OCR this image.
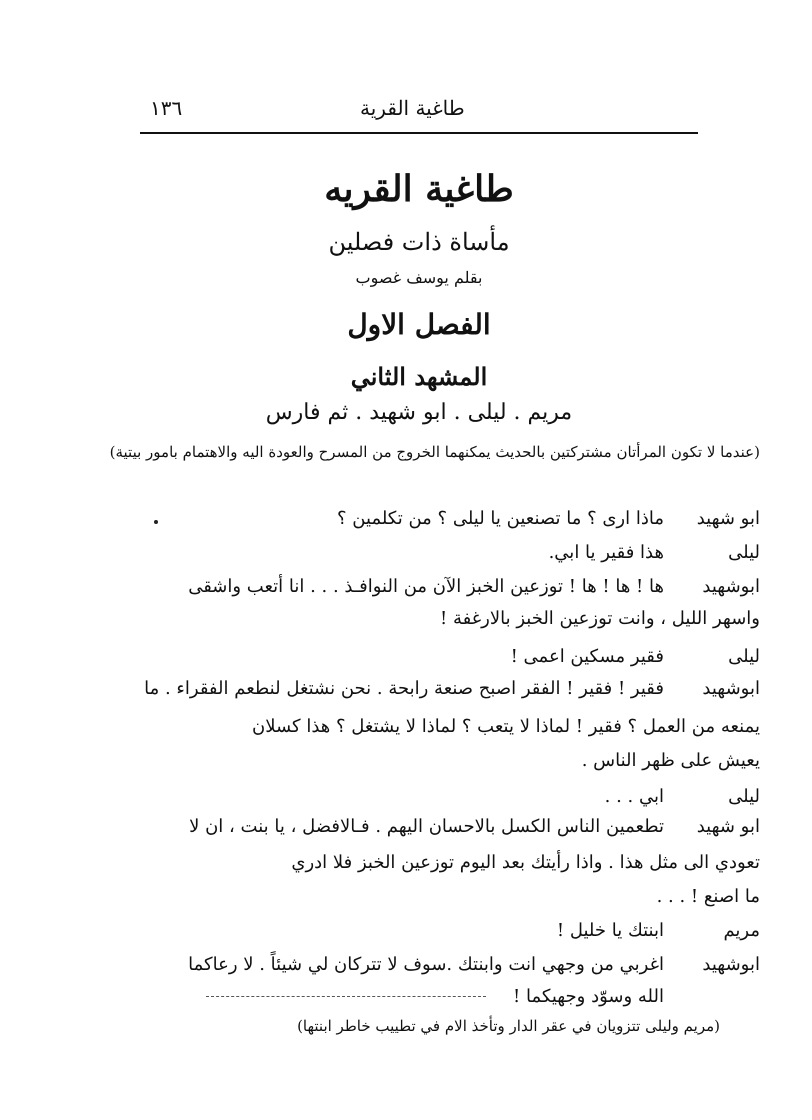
طاغية القرية
١٣٦
طاغية القريه
مأساة ذات فصلين
بقلم يوسف غصوب
الفصل الاول
المشهد الثاني
مريم . ليلى . ابو شهيد . ثم فارس
(عندما لا تكون المرأتان مشتركتين بالحديث يمكنهما الخروج من المسرح والعودة اليه والاهتمام بامور بيتية)
ابو شهيد
ماذا ارى ؟ ما تصنعين يا ليلى ؟ من تكلمين ؟
ليلى
هذا فقير يا ابي.
ابوشهيد
ها ! ها ! ها ! توزعين الخبز الآن من النوافـذ . . . انا أتعب واشقى
واسهر الليل ، وانت توزعين الخبز بالارغفة !
ليلى
فقير مسكين اعمى !
ابوشهيد
فقير ! فقير ! الفقر اصبح صنعة رابحة . نحن نشتغل لنطعم الفقراء . ما
يمنعه من العمل ؟ فقير ! لماذا لا يتعب ؟ لماذا لا يشتغل ؟ هذا كسلان
يعيش على ظهر الناس .
ليلى
ابي . . .
ابو شهيد
تطعمين الناس الكسل بالاحسان اليهم . فـالافضل ، يا بنت ، ان لا
تعودي الى مثل هذا . واذا رأيتك بعد اليوم توزعين الخبز فلا ادري
ما اصنع ! . . .
مريم
ابنتك يا خليل !
ابوشهيد
اغربي من وجهي انت وابنتك .سوف لا تتركان لي شيئاً . لا رعاكما
الله وسوّد وجهيكما !
(مريم وليلى تتزويان في عقر الدار وتأخذ الام في تطييب خاطر ابنتها)
